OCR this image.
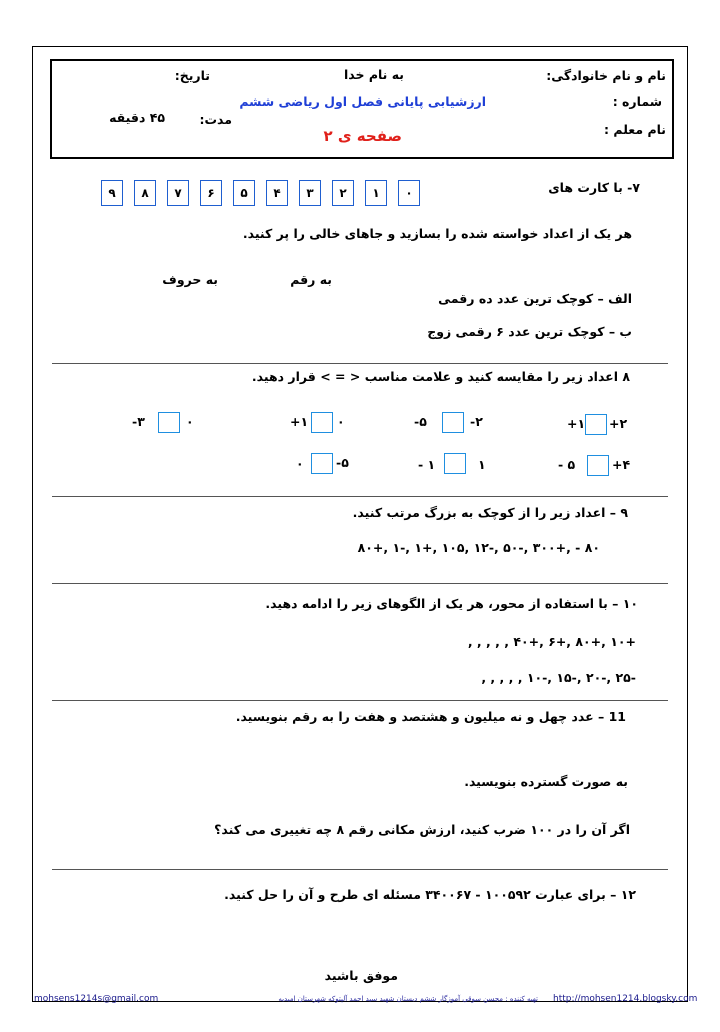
نام و نام خانوادگی:
شماره :
نام معلم :
به نام خدا
ارزشیابی پایانی فصل اول ریاضی ششم
صفحه ی ۲
تاریخ:
مدت:
۴۵ دقیقه
۷- با کارت های
۰
۱
۲
۳
۴
۵
۶
۷
۸
۹
هر یک از اعداد خواسته شده را بسازید و جاهای خالی را پر کنید.
به رقم
به حروف
الف – کوچک ترین عدد ده رقمی
ب – کوچک ترین عدد ۶ رقمی زوج
۸ اعداد زیر را مقایسه کنید و علامت مناسب < = > قرار دهید.
+۲
+۱
-۲
-۵
۰
+۱
۰
-۳
+۴
- ۵
۱
- ۱
-۵
۰
۹ – اعداد زیر را از کوچک به بزرگ مرتب کنید.
۸۰ - ,+۳۰۰ ,-۵۰ ,-۱۲ ,۱۰۵ ,+۱ ,-۱ ,+۸۰
۱۰ – با استفاده از محور، هر یک از الگوهای زیر را ادامه دهید.
+۱۰ ,+۸۰ ,+۶ ,+۴۰ , , , , ,
-۲۵ ,-۲۰ ,-۱۵ ,-۱۰ , , , , ,
11 – عدد چهل و نه میلیون و هشتصد و هفت را به رقم بنویسید.
به صورت گسترده بنویسید.
اگر آن را در ۱۰۰ ضرب کنید، ارزش مکانی رقم ۸ چه تغییری می کند؟
۱۲ – برای عبارت ۱۰۰۵۹۲ - ۳۴۰۰۶۷ مسئله ای طرح و آن را حل کنید.
موفق باشید
mohsens1214s@gmail.com	تهیه کننده : محسن سوقی آموزگار ششم دبستان شهید سید احمد آلپتوکه شهرستان امیدیه http://mohsen1214.blogsky.com
